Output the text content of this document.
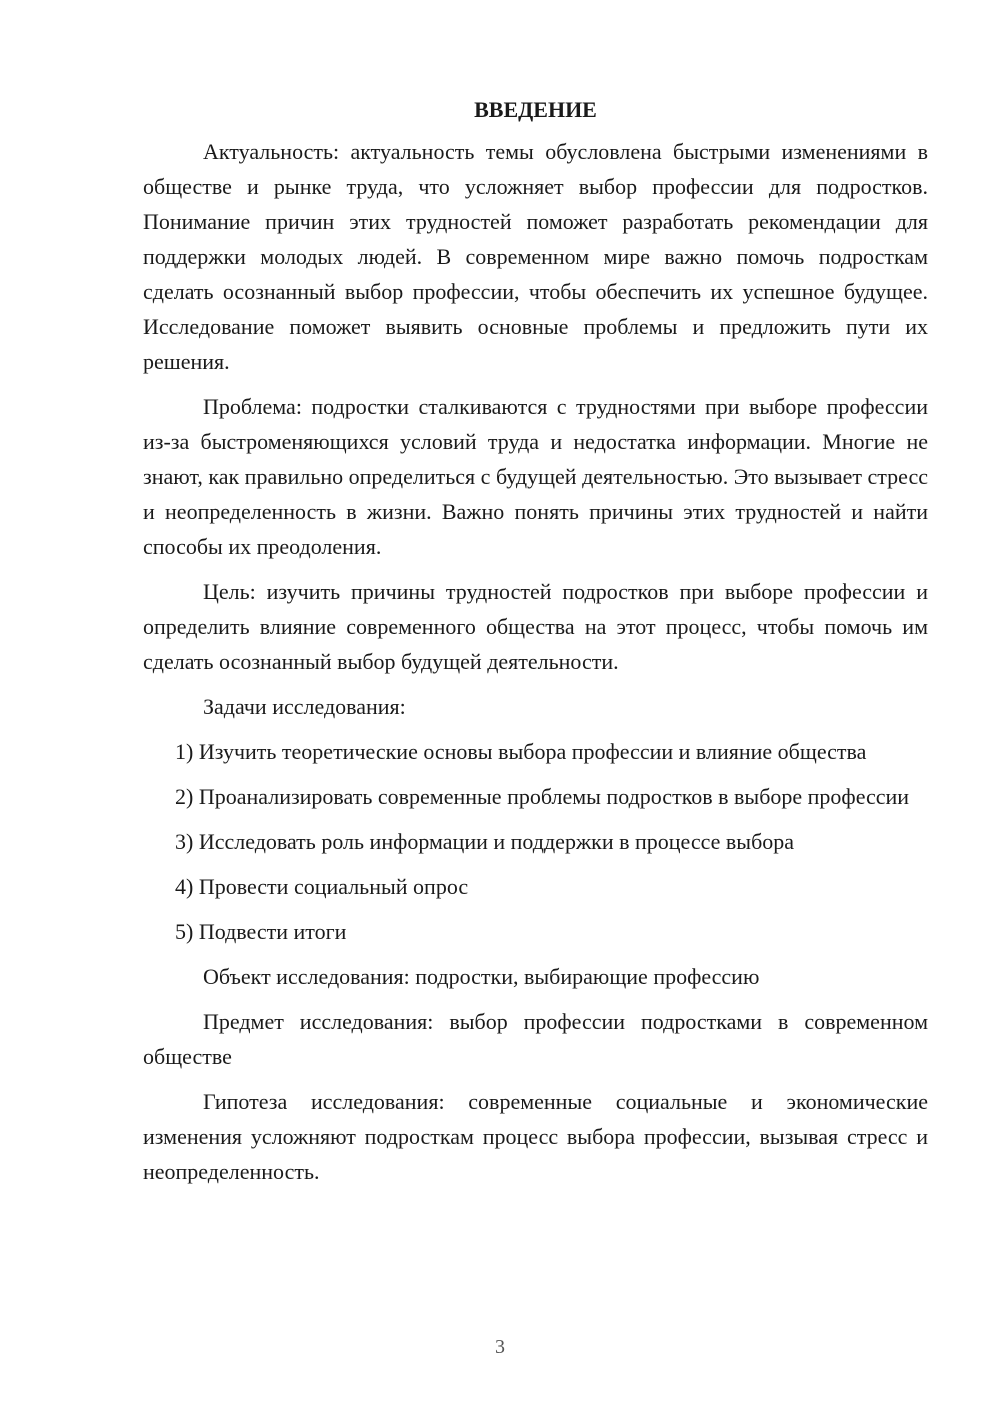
ВВЕДЕНИЕ

Актуальность: актуальность темы обусловлена быстрыми изменениями в обществе и рынке труда, что усложняет выбор профессии для подростков. Понимание причин этих трудностей поможет разработать рекомендации для поддержки молодых людей. В современном мире важно помочь подросткам сделать осознанный выбор профессии, чтобы обеспечить их успешное будущее. Исследование поможет выявить основные проблемы и предложить пути их решения.

Проблема: подростки сталкиваются с трудностями при выборе профессии из-за быстроменяющихся условий труда и недостатка информации. Многие не знают, как правильно определиться с будущей деятельностью. Это вызывает стресс и неопределенность в жизни. Важно понять причины этих трудностей и найти способы их преодоления.

Цель: изучить причины трудностей подростков при выборе профессии и определить влияние современного общества на этот процесс, чтобы помочь им сделать осознанный выбор будущей деятельности.

Задачи исследования:

1) Изучить теоретические основы выбора профессии и влияние общества

2) Проанализировать современные проблемы подростков в выборе профессии

3) Исследовать роль информации и поддержки в процессе выбора

4) Провести социальный опрос

5) Подвести итоги

Объект исследования: подростки, выбирающие профессию

Предмет исследования: выбор профессии подростками в современном обществе

Гипотеза исследования: современные социальные и экономические изменения усложняют подросткам процесс выбора профессии, вызывая стресс и неопределенность.

3
